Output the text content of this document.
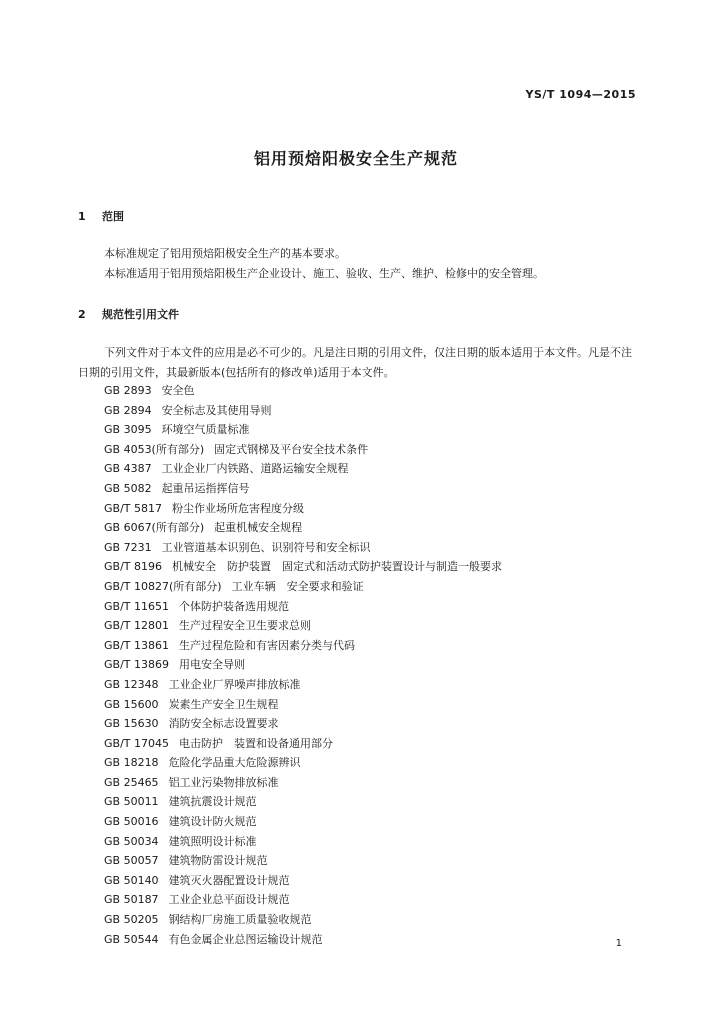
YS/T 1094—2015

铝用预焙阳极安全生产规范
1 范围

本标准规定了铝用预焙阳极安全生产的基本要求。

本标准适用于铝用预焙阳极生产企业设计、施工、验收、生产、维护、检修中的安全管理。

2 规范性引用文件

下列文件对于本文件的应用是必不可少的。凡是注日期的引用文件，仅注日期的版本适用于本文件。凡是不注日期的引用文件，其最新版本(包括所有的修改单)适用于本文件。

GB 2893 安全色
GB 2894 安全标志及其使用导则
GB 3095 环境空气质量标准
GB 4053(所有部分) 固定式钢梯及平台安全技术条件
GB 4387 工业企业厂内铁路、道路运输安全规程
GB 5082 起重吊运指挥信号
GB/T 5817 粉尘作业场所危害程度分级
GB 6067(所有部分) 起重机械安全规程
GB 7231 工业管道基本识别色、识别符号和安全标识
GB/T 8196 机械安全　防护装置　固定式和活动式防护装置设计与制造一般要求
GB/T 10827(所有部分) 工业车辆　安全要求和验证
GB/T 11651 个体防护装备选用规范
GB/T 12801 生产过程安全卫生要求总则
GB/T 13861 生产过程危险和有害因素分类与代码
GB/T 13869 用电安全导则
GB 12348 工业企业厂界噪声排放标准
GB 15600 炭素生产安全卫生规程
GB 15630 消防安全标志设置要求
GB/T 17045 电击防护　装置和设备通用部分
GB 18218 危险化学品重大危险源辨识
GB 25465 铝工业污染物排放标准
GB 50011 建筑抗震设计规范
GB 50016 建筑设计防火规范
GB 50034 建筑照明设计标准
GB 50057 建筑物防雷设计规范
GB 50140 建筑灭火器配置设计规范
GB 50187 工业企业总平面设计规范
GB 50205 钢结构厂房施工质量验收规范
GB 50544 有色金属企业总图运输设计规范	1
